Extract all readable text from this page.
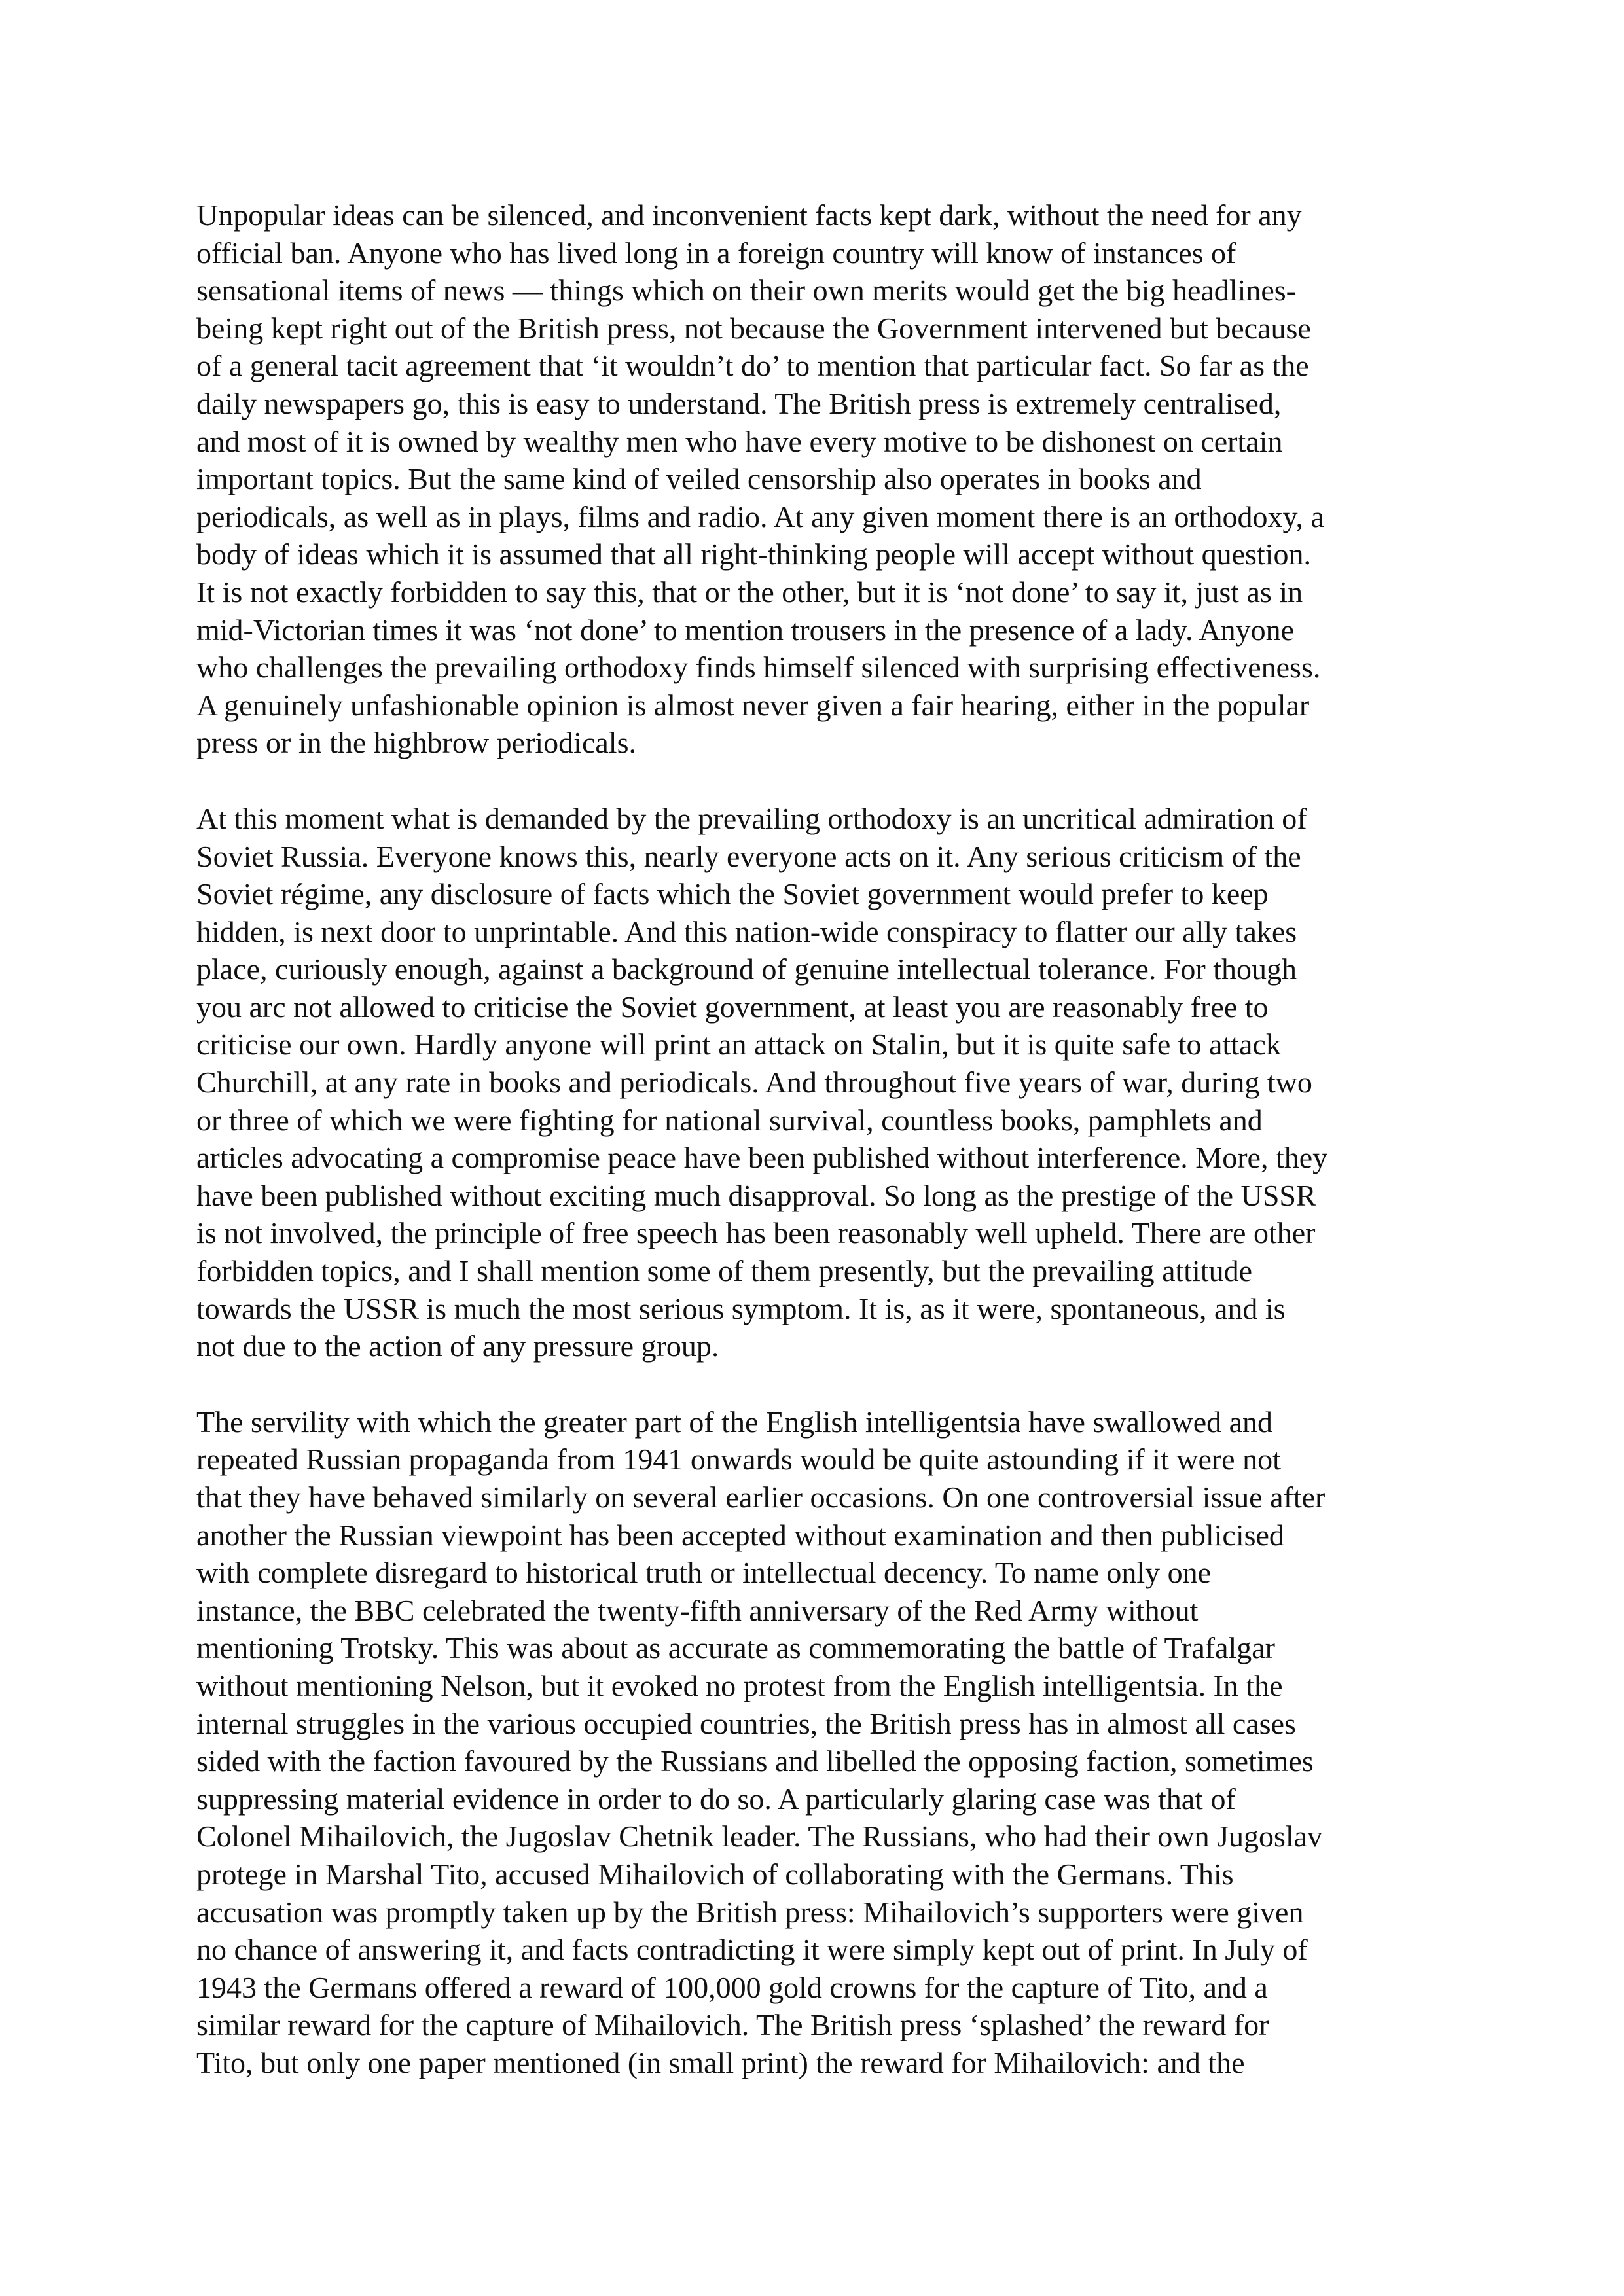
Unpopular ideas can be silenced, and inconvenient facts kept dark, without the need for any
official ban. Anyone who has lived long in a foreign country will know of instances of
sensational items of news — things which on their own merits would get the big headlines-
being kept right out of the British press, not because the Government intervened but because
of a general tacit agreement that ‘it wouldn’t do’ to mention that particular fact. So far as the
daily newspapers go, this is easy to understand. The British press is extremely centralised,
and most of it is owned by wealthy men who have every motive to be dishonest on certain
important topics. But the same kind of veiled censorship also operates in books and
periodicals, as well as in plays, films and radio. At any given moment there is an orthodoxy, a
body of ideas which it is assumed that all right-thinking people will accept without question.
It is not exactly forbidden to say this, that or the other, but it is ‘not done’ to say it, just as in
mid-Victorian times it was ‘not done’ to mention trousers in the presence of a lady. Anyone
who challenges the prevailing orthodoxy finds himself silenced with surprising effectiveness.
A genuinely unfashionable opinion is almost never given a fair hearing, either in the popular
press or in the highbrow periodicals.

At this moment what is demanded by the prevailing orthodoxy is an uncritical admiration of
Soviet Russia. Everyone knows this, nearly everyone acts on it. Any serious criticism of the
Soviet régime, any disclosure of facts which the Soviet government would prefer to keep
hidden, is next door to unprintable. And this nation-wide conspiracy to flatter our ally takes
place, curiously enough, against a background of genuine intellectual tolerance. For though
you arc not allowed to criticise the Soviet government, at least you are reasonably free to
criticise our own. Hardly anyone will print an attack on Stalin, but it is quite safe to attack
Churchill, at any rate in books and periodicals. And throughout five years of war, during two
or three of which we were fighting for national survival, countless books, pamphlets and
articles advocating a compromise peace have been published without interference. More, they
have been published without exciting much disapproval. So long as the prestige of the USSR
is not involved, the principle of free speech has been reasonably well upheld. There are other
forbidden topics, and I shall mention some of them presently, but the prevailing attitude
towards the USSR is much the most serious symptom. It is, as it were, spontaneous, and is
not due to the action of any pressure group.

The servility with which the greater part of the English intelligentsia have swallowed and
repeated Russian propaganda from 1941 onwards would be quite astounding if it were not
that they have behaved similarly on several earlier occasions. On one controversial issue after
another the Russian viewpoint has been accepted without examination and then publicised
with complete disregard to historical truth or intellectual decency. To name only one
instance, the BBC celebrated the twenty-fifth anniversary of the Red Army without
mentioning Trotsky. This was about as accurate as commemorating the battle of Trafalgar
without mentioning Nelson, but it evoked no protest from the English intelligentsia. In the
internal struggles in the various occupied countries, the British press has in almost all cases
sided with the faction favoured by the Russians and libelled the opposing faction, sometimes
suppressing material evidence in order to do so. A particularly glaring case was that of
Colonel Mihailovich, the Jugoslav Chetnik leader. The Russians, who had their own Jugoslav
protege in Marshal Tito, accused Mihailovich of collaborating with the Germans. This
accusation was promptly taken up by the British press: Mihailovich’s supporters were given
no chance of answering it, and facts contradicting it were simply kept out of print. In July of
1943 the Germans offered a reward of 100,000 gold crowns for the capture of Tito, and a
similar reward for the capture of Mihailovich. The British press ‘splashed’ the reward for
Tito, but only one paper mentioned (in small print) the reward for Mihailovich: and the
